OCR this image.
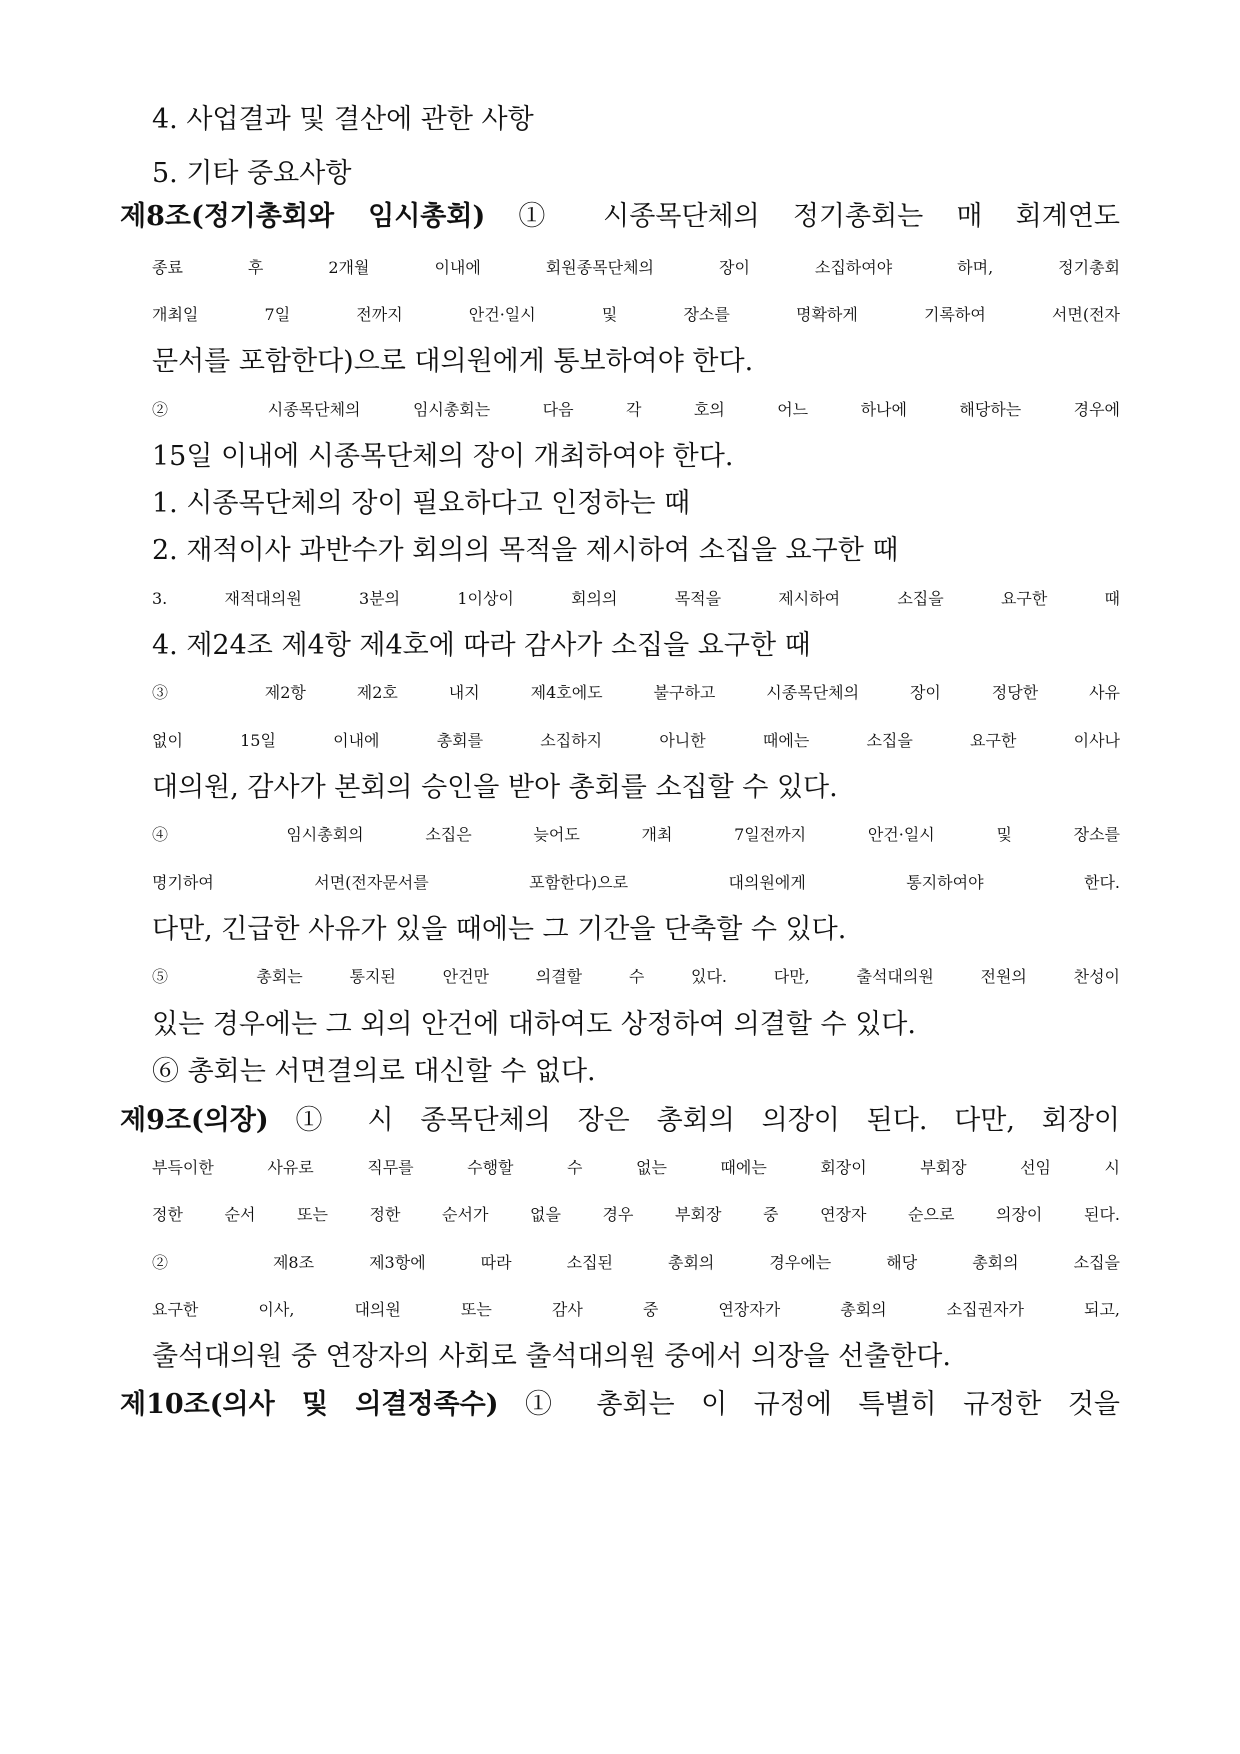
4. 사업결과 및 결산에 관한 사항
5. 기타 중요사항
제8조(정기총회와 임시총회) ① 시종목단체의 정기총회는 매 회계연도
종료 후 2개월 이내에 회원종목단체의 장이 소집하여야 하며, 정기총회
개최일 7일 전까지 안건·일시 및 장소를 명확하게 기록하여 서면(전자
문서를 포함한다)으로 대의원에게 통보하여야 한다.
② 시종목단체의 임시총회는 다음 각 호의 어느 하나에 해당하는 경우에
15일 이내에 시종목단체의 장이 개최하여야 한다.
1. 시종목단체의 장이 필요하다고 인정하는 때
2. 재적이사 과반수가 회의의 목적을 제시하여 소집을 요구한 때
3. 재적대의원 3분의 1이상이 회의의 목적을 제시하여 소집을 요구한 때
4. 제24조 제4항 제4호에 따라 감사가 소집을 요구한 때
③ 제2항 제2호 내지 제4호에도 불구하고 시종목단체의 장이 정당한 사유
없이 15일 이내에 총회를 소집하지 아니한 때에는 소집을 요구한 이사나
대의원, 감사가 본회의 승인을 받아 총회를 소집할 수 있다.
④ 임시총회의 소집은 늦어도 개최 7일전까지 안건·일시 및 장소를
명기하여 서면(전자문서를 포함한다)으로 대의원에게 통지하여야 한다.
다만, 긴급한 사유가 있을 때에는 그 기간을 단축할 수 있다.
⑤ 총회는 통지된 안건만 의결할 수 있다. 다만, 출석대의원 전원의 찬성이
있는 경우에는 그 외의 안건에 대하여도 상정하여 의결할 수 있다.
⑥ 총회는 서면결의로 대신할 수 없다.
제9조(의장) ① 시 종목단체의 장은 총회의 의장이 된다. 다만, 회장이
부득이한 사유로 직무를 수행할 수 없는 때에는 회장이 부회장 선임 시
정한 순서 또는 정한 순서가 없을 경우 부회장 중 연장자 순으로 의장이 된다.
② 제8조 제3항에 따라 소집된 총회의 경우에는 해당 총회의 소집을
요구한 이사, 대의원 또는 감사 중 연장자가 총회의 소집권자가 되고,
출석대의원 중 연장자의 사회로 출석대의원 중에서 의장을 선출한다.
제10조(의사 및 의결정족수) ① 총회는 이 규정에 특별히 규정한 것을
